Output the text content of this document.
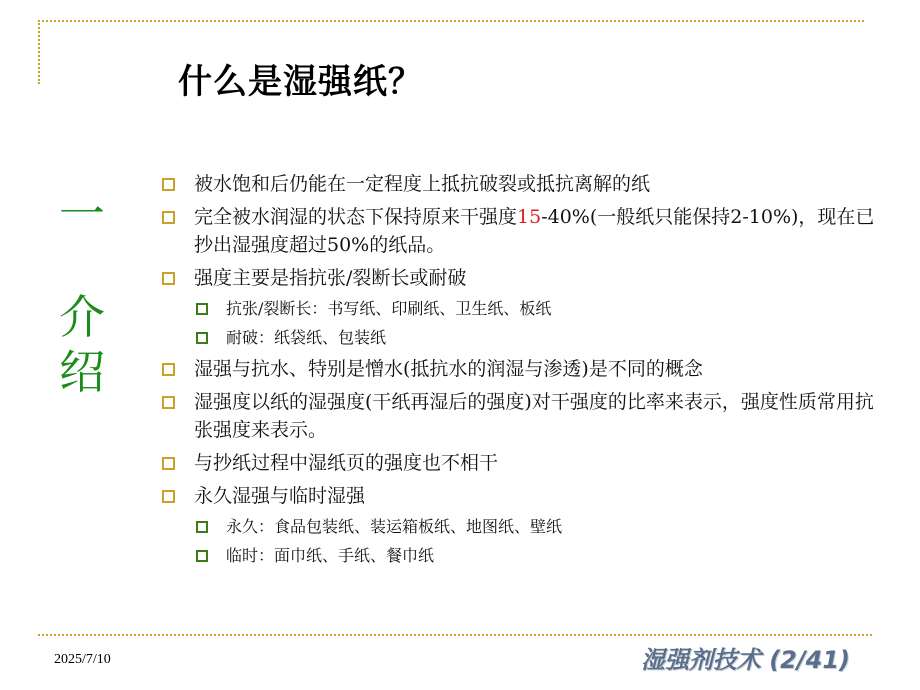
什么是湿强纸？
一
介
绍
被水饱和后仍能在一定程度上抵抗破裂或抵抗离解的纸
完全被水润湿的状态下保持原来干强度15-40%(一般纸只能保持2-10%)，现在已抄出湿强度超过50%的纸品。
强度主要是指抗张/裂断长或耐破
抗张/裂断长：书写纸、印刷纸、卫生纸、板纸
耐破：纸袋纸、包装纸
湿强与抗水、特别是憎水(抵抗水的润湿与渗透)是不同的概念
湿强度以纸的湿强度(干纸再湿后的强度)对干强度的比率来表示，强度性质常用抗张强度来表示。
与抄纸过程中湿纸页的强度也不相干
永久湿强与临时湿强
永久：食品包装纸、装运箱板纸、地图纸、壁纸
临时：面巾纸、手纸、餐巾纸
2025/7/10	湿强剂技术 (2/41)
